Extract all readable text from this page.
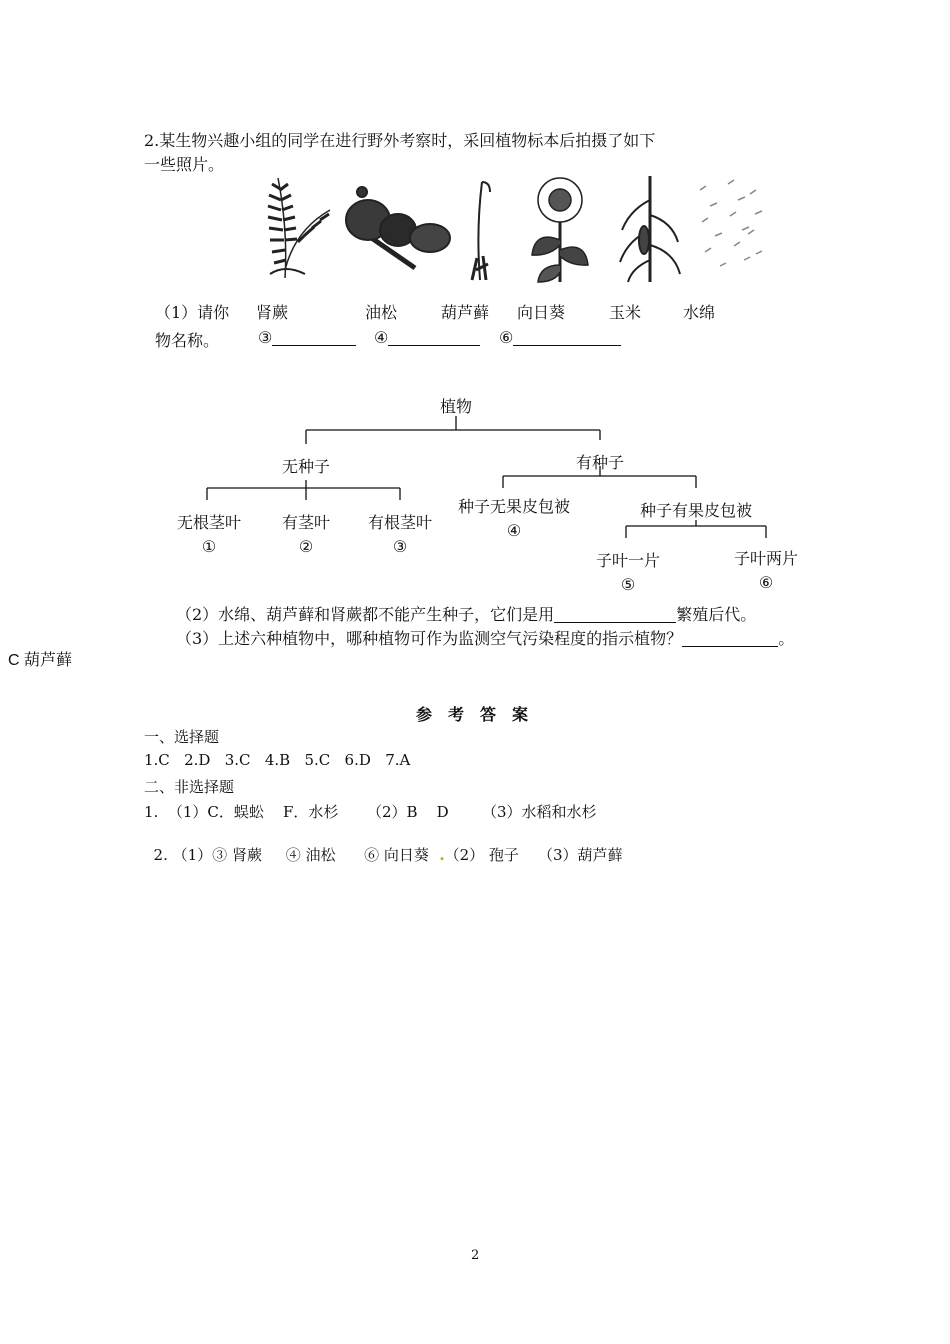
2.某生物兴趣小组的同学在进行野外考察时，采回植物标本后拍摄了如下
一些照片。
（1）请你 肾蕨	油松	葫芦藓 向日葵	玉米	水绵
物名称。 ③	④	⑥
植物
无种子	有种子
无根茎叶
①
有茎叶
②
有根茎叶
③
种子无果皮包被
④
种子有果皮包被
子叶一片
⑤
子叶两片
⑥
（2）水绵、葫芦藓和肾蕨都不能产生种子，它们是用	繁殖后代。
（3）上述六种植物中，哪种植物可作为监测空气污染程度的指示植物？	。
C 葫芦藓
参考答案
一、选择题
1.C   2.D   3.C   4.B   5.C   6.D   7.A
二、非选择题
1.  （1）C．蜈蚣    F．水杉      （2）B    D       （3）水稻和水杉

2. （1）③ 肾蕨     ④ 油松      ⑥ 向日葵  .（2） 孢子    （3）葫芦藓

2
